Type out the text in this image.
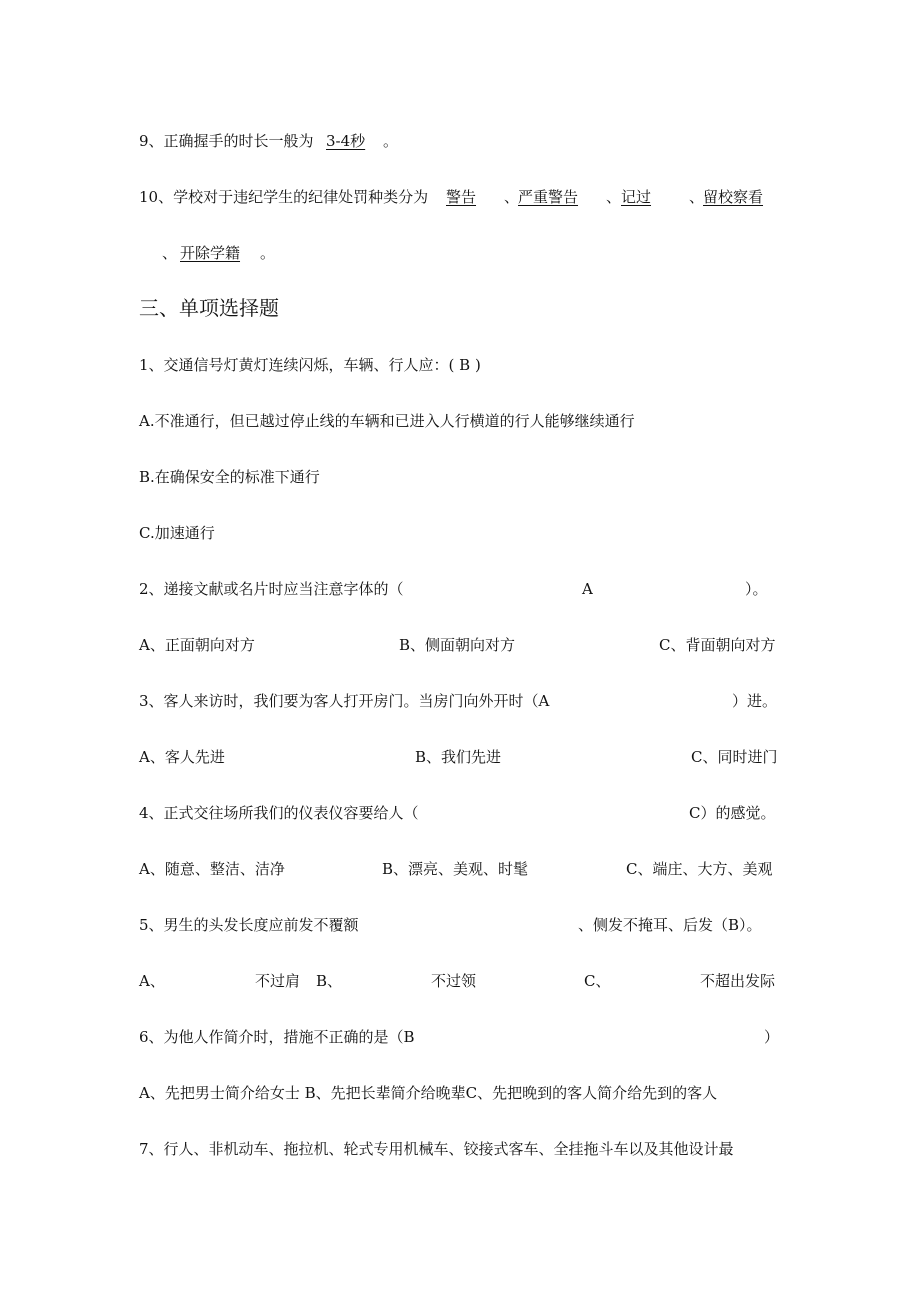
9、正确握手的时长一般为 3-4秒 。
10、学校对于违纪学生的纪律处罚种类分为 警告 、
严重警告 、 记过	、
留校察看
、 开除学籍 。
三、单项选择题
1、交通信号灯黄灯连续闪烁，车辆、行人应：( B )
A.不准通行，但已越过停止线的车辆和已进入人行横道的行人能够继续通行
B.在确保安全的标准下通行
C.加速通行
2、递接文献或名片时应当注意字体的（	A	）。
A、正面朝向对方	B、侧面朝向对方	C、背面朝向对方
3、客人来访时，我们要为客人打开房门。当房门向外开时（A	）进。
A、客人先进	B、我们先进	C、同时进门
4、正式交往场所我们的仪表仪容要给人（	C）的感觉。
A、随意、整洁、洁净	B、漂亮、美观、时髦	C、端庄、大方、美观
5、男生的头发长度应前发不覆额	、侧发不掩耳、后发（B）。
A、	不过肩 B、	不过领	C、	不超出发际
6、为他人作简介时，措施不正确的是（B	）
A、先把男士简介给女士 B、先把长辈简介给晚辈C、先把晚到的客人简介给先到的客人
7、行人、非机动车、拖拉机、轮式专用机械车、铰接式客车、全挂拖斗车以及其他设计最
